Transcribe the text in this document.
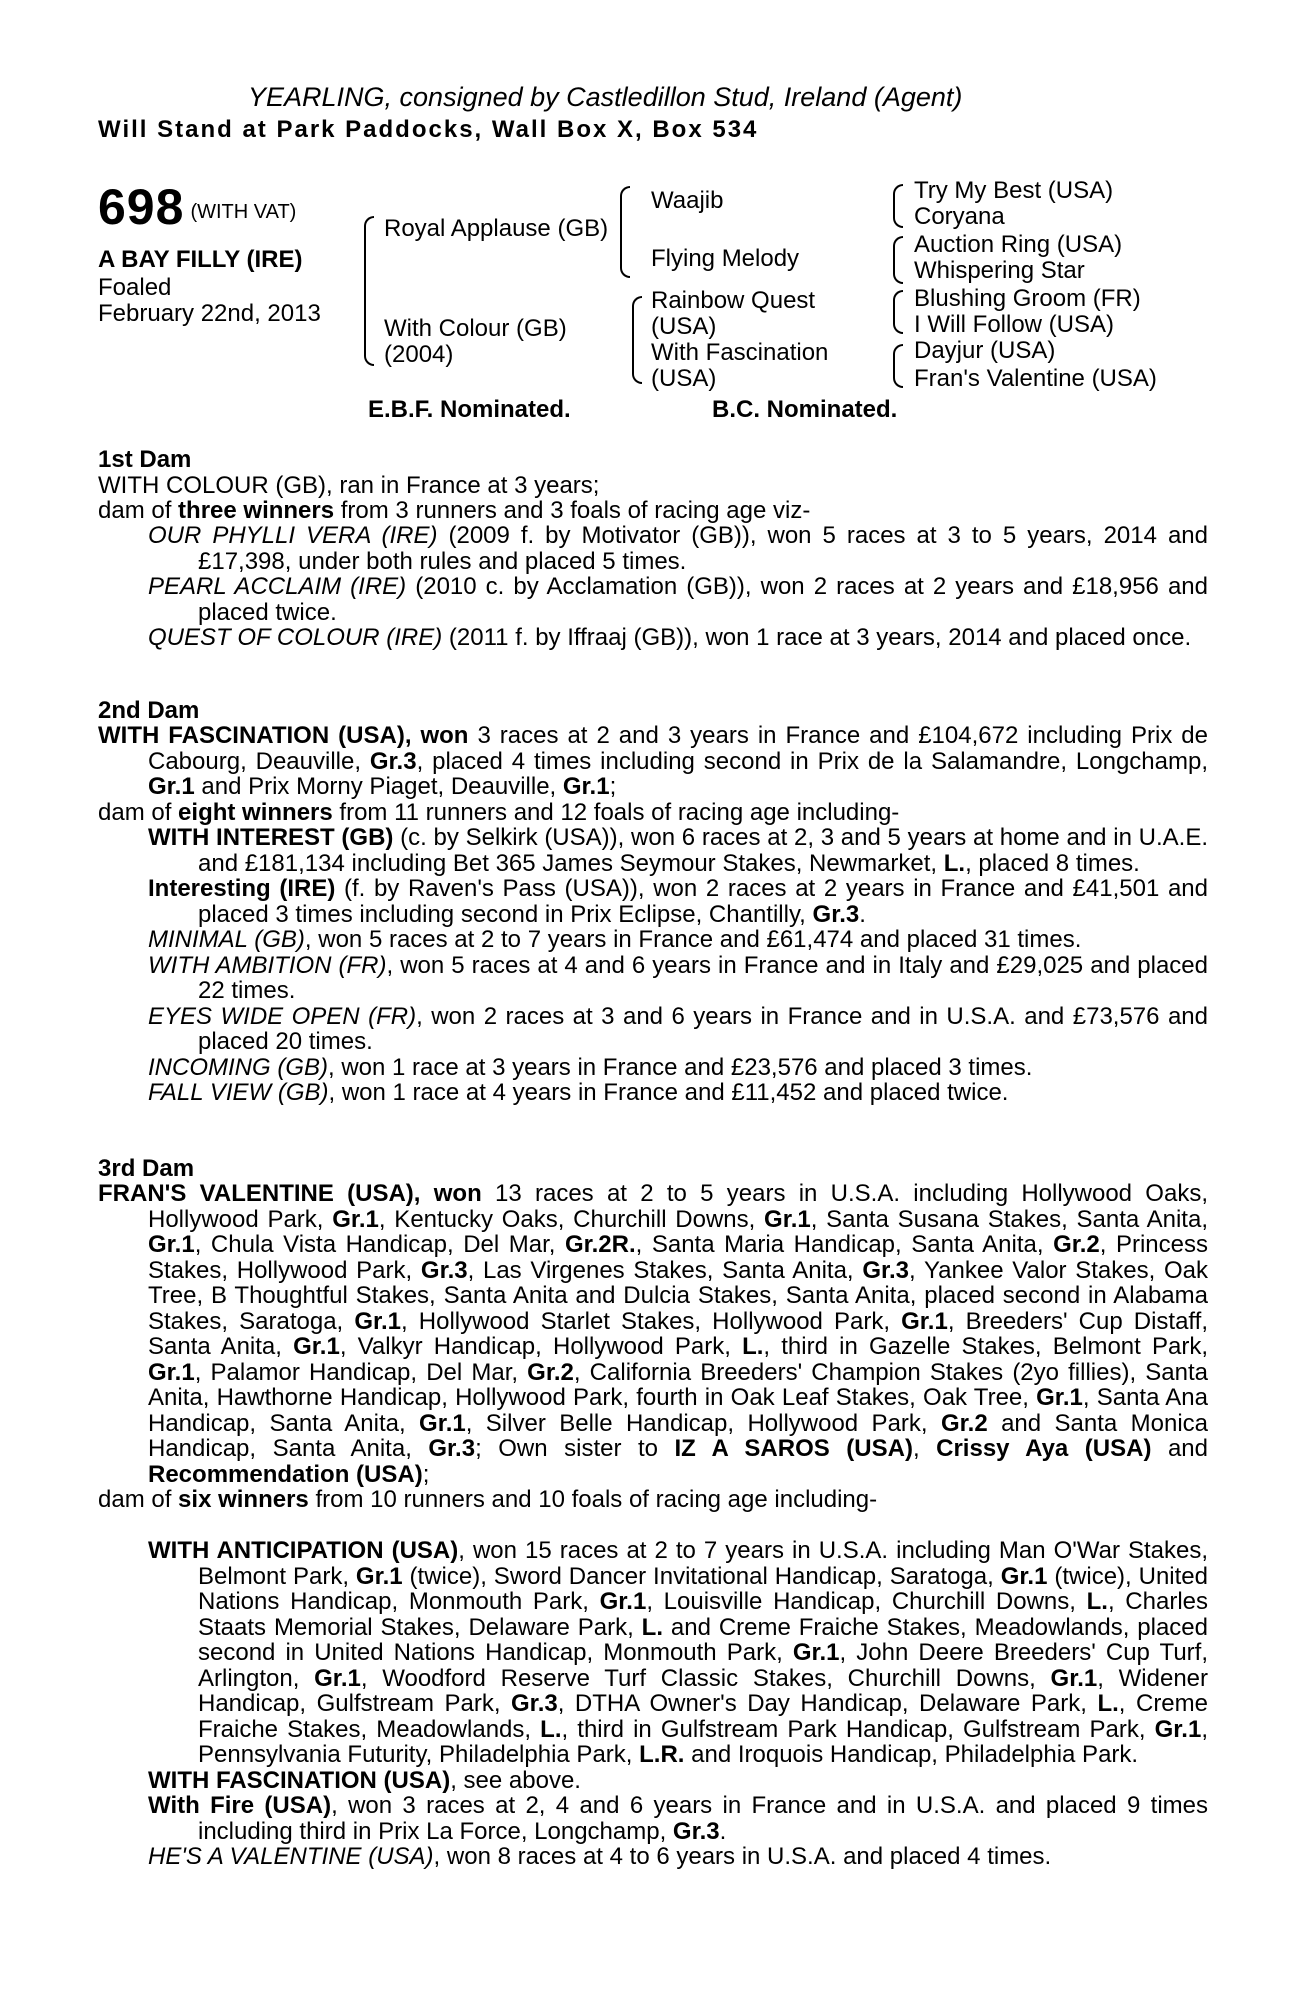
YEARLING, consigned by Castledillon Stud, Ireland (Agent)
Will Stand at Park Paddocks, Wall Box X, Box 534
698 (WITH VAT)
A BAY FILLY (IRE)
Foaled
February 22nd, 2013
Royal Applause (GB)
With Colour (GB)
(2004)
Waajib
Flying Melody
Rainbow Quest
(USA)
With Fascination
(USA)
Try My Best (USA)
Coryana
Auction Ring (USA)
Whispering Star
Blushing Groom (FR)
I Will Follow (USA)
Dayjur (USA)
Fran's Valentine (USA)
E.B.F. Nominated.	B.C. Nominated.
1st Dam
WITH COLOUR (GB), ran in France at 3 years;
dam of three winners from 3 runners and 3 foals of racing age viz-

OUR PHYLLI VERA (IRE) (2009 f. by Motivator (GB)), won 5 races at 3 to 5 years, 2014 and £17,398, under both rules and placed 5 times.

PEARL ACCLAIM (IRE) (2010 c. by Acclamation (GB)), won 2 races at 2 years and £18,956 and placed twice.

QUEST OF COLOUR (IRE) (2011 f. by Iffraaj (GB)), won 1 race at 3 years, 2014 and placed once.

2nd Dam

WITH FASCINATION (USA), won 3 races at 2 and 3 years in France and £104,672 including Prix de Cabourg, Deauville, Gr.3, placed 4 times including second in Prix de la Salamandre, Longchamp, Gr.1 and Prix Morny Piaget, Deauville, Gr.1;

dam of eight winners from 11 runners and 12 foals of racing age including-

WITH INTEREST (GB) (c. by Selkirk (USA)), won 6 races at 2, 3 and 5 years at home and in U.A.E. and £181,134 including Bet 365 James Seymour Stakes, Newmarket, L., placed 8 times.

Interesting (IRE) (f. by Raven's Pass (USA)), won 2 races at 2 years in France and £41,501 and placed 3 times including second in Prix Eclipse, Chantilly, Gr.3.

MINIMAL (GB), won 5 races at 2 to 7 years in France and £61,474 and placed 31 times.

WITH AMBITION (FR), won 5 races at 4 and 6 years in France and in Italy and £29,025 and placed 22 times.

EYES WIDE OPEN (FR), won 2 races at 3 and 6 years in France and in U.S.A. and £73,576 and placed 20 times.

INCOMING (GB), won 1 race at 3 years in France and £23,576 and placed 3 times.

FALL VIEW (GB), won 1 race at 4 years in France and £11,452 and placed twice.

3rd Dam

FRAN'S VALENTINE (USA), won 13 races at 2 to 5 years in U.S.A. including Hollywood Oaks, Hollywood Park, Gr.1, Kentucky Oaks, Churchill Downs, Gr.1, Santa Susana Stakes, Santa Anita, Gr.1, Chula Vista Handicap, Del Mar, Gr.2R., Santa Maria Handicap, Santa Anita, Gr.2, Princess Stakes, Hollywood Park, Gr.3, Las Virgenes Stakes, Santa Anita, Gr.3, Yankee Valor Stakes, Oak Tree, B Thoughtful Stakes, Santa Anita and Dulcia Stakes, Santa Anita, placed second in Alabama Stakes, Saratoga, Gr.1, Hollywood Starlet Stakes, Hollywood Park, Gr.1, Breeders' Cup Distaff, Santa Anita, Gr.1, Valkyr Handicap, Hollywood Park, L., third in Gazelle Stakes, Belmont Park, Gr.1, Palamor Handicap, Del Mar, Gr.2, California Breeders' Champion Stakes (2yo fillies), Santa Anita, Hawthorne Handicap, Hollywood Park, fourth in Oak Leaf Stakes, Oak Tree, Gr.1, Santa Ana Handicap, Santa Anita, Gr.1, Silver Belle Handicap, Hollywood Park, Gr.2 and Santa Monica Handicap, Santa Anita, Gr.3; Own sister to IZ A SAROS (USA), Crissy Aya (USA) and Recommendation (USA);

dam of six winners from 10 runners and 10 foals of racing age including-

WITH ANTICIPATION (USA), won 15 races at 2 to 7 years in U.S.A. including Man O'War Stakes, Belmont Park, Gr.1 (twice), Sword Dancer Invitational Handicap, Saratoga, Gr.1 (twice), United Nations Handicap, Monmouth Park, Gr.1, Louisville Handicap, Churchill Downs, L., Charles Staats Memorial Stakes, Delaware Park, L. and Creme Fraiche Stakes, Meadowlands, placed second in United Nations Handicap, Monmouth Park, Gr.1, John Deere Breeders' Cup Turf, Arlington, Gr.1, Woodford Reserve Turf Classic Stakes, Churchill Downs, Gr.1, Widener Handicap, Gulfstream Park, Gr.3, DTHA Owner's Day Handicap, Delaware Park, L., Creme Fraiche Stakes, Meadowlands, L., third in Gulfstream Park Handicap, Gulfstream Park, Gr.1, Pennsylvania Futurity, Philadelphia Park, L.R. and Iroquois Handicap, Philadelphia Park.

WITH FASCINATION (USA), see above.

With Fire (USA), won 3 races at 2, 4 and 6 years in France and in U.S.A. and placed 9 times including third in Prix La Force, Longchamp, Gr.3.

HE'S A VALENTINE (USA), won 8 races at 4 to 6 years in U.S.A. and placed 4 times.
